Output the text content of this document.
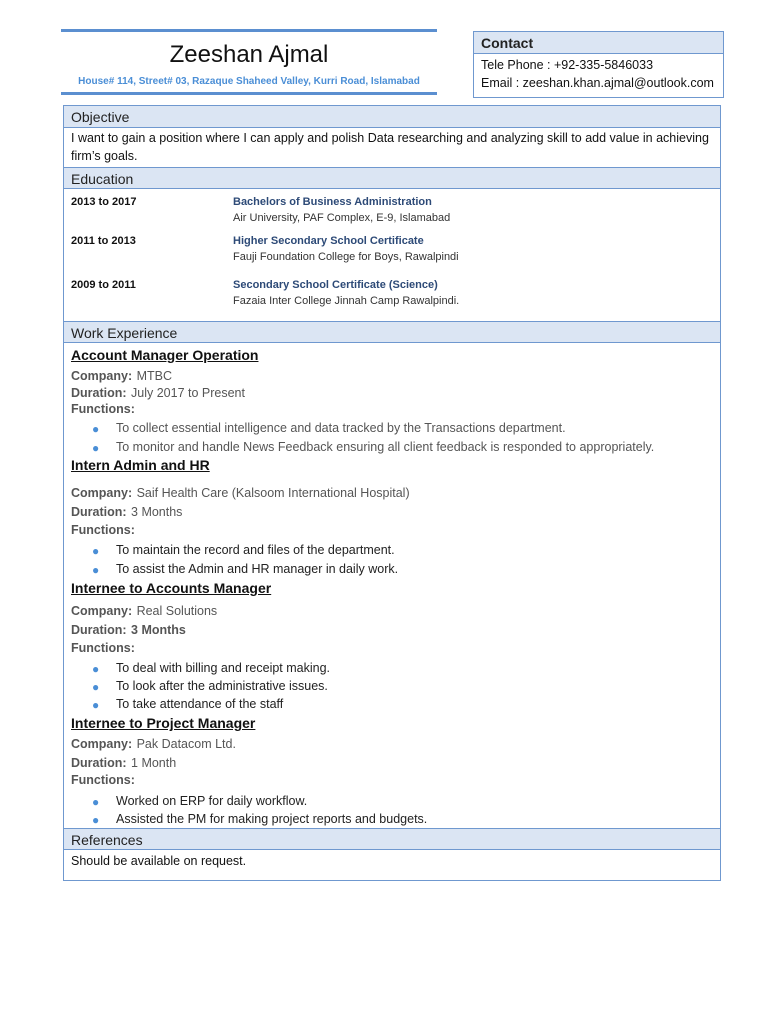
Zeeshan Ajmal
House# 114, Street# 03, Razaque Shaheed Valley, Kurri Road, Islamabad
Contact
Tele Phone : +92-335-5846033
Email : zeeshan.khan.ajmal@outlook.com
Objective
I want to gain a position where I can apply and polish Data researching and analyzing skill to add value in achieving firm’s goals.
Education
2013 to 2017	Bachelors of Business Administration
Air University, PAF Complex, E-9, Islamabad
2011 to 2013	Higher Secondary School Certificate
Fauji Foundation College for Boys, Rawalpindi
2009 to 2011	Secondary School Certificate (Science)
Fazaia Inter College Jinnah Camp Rawalpindi.
Work Experience
Account Manager Operation
Company: MTBC
Duration: July 2017 to Present
Functions:
● To collect essential intelligence and data tracked by the Transactions department.
● To monitor and handle News Feedback ensuring all client feedback is responded to appropriately.
Intern Admin and HR
Company: Saif Health Care (Kalsoom International Hospital)
Duration: 3 Months
Functions:
● To maintain the record and files of the department.
● To assist the Admin and HR manager in daily work.
Internee to Accounts Manager
Company: Real Solutions
Duration: 3 Months
Functions:
● To deal with billing and receipt making.
● To look after the administrative issues.
● To take attendance of the staff
Internee to Project Manager
Company: Pak Datacom Ltd.
Duration: 1 Month
Functions:
● Worked on ERP for daily workflow.
● Assisted the PM for making project reports and budgets.
References
Should be available on request.
